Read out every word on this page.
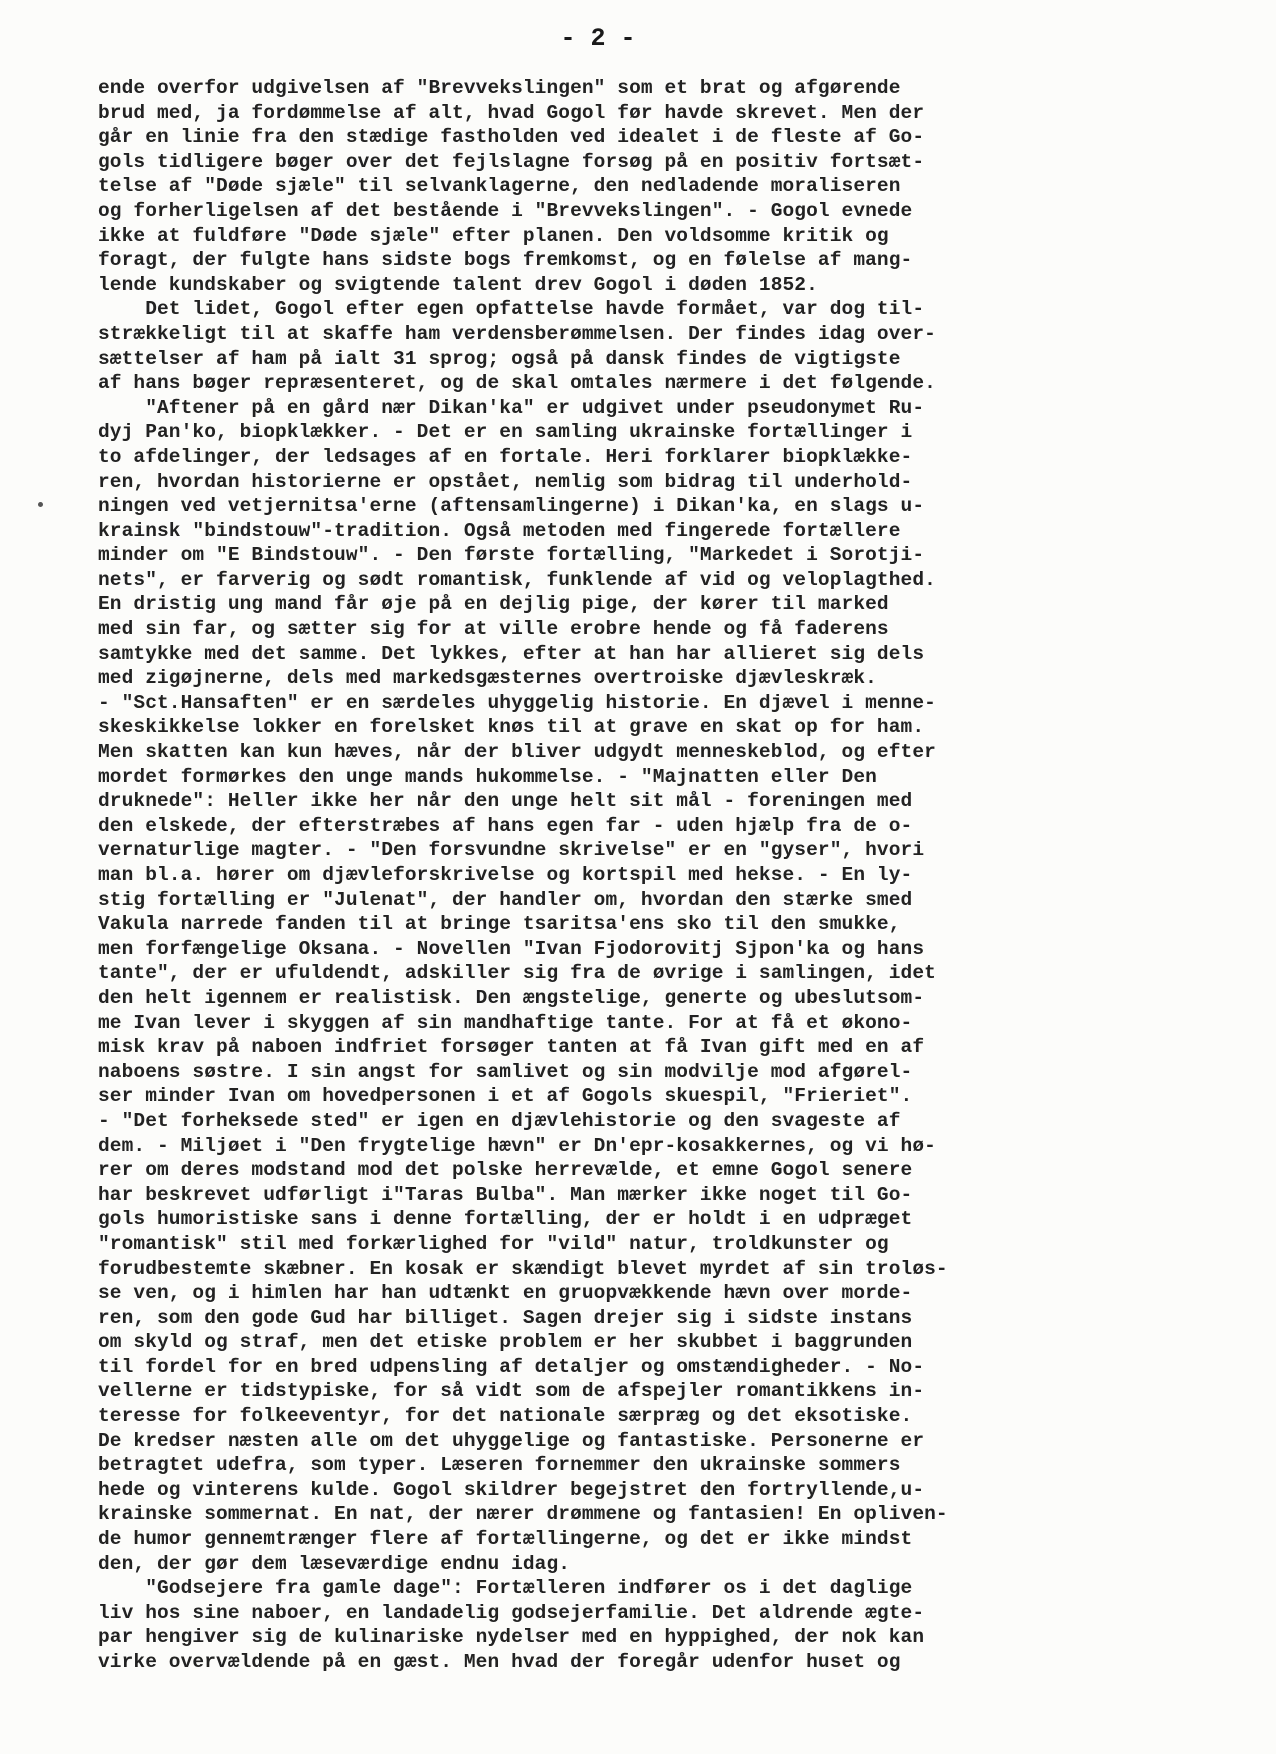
- 2 -
ende overfor udgivelsen af "Brevvekslingen" som et brat og afgørende
brud med, ja fordømmelse af alt, hvad Gogol før havde skrevet. Men der
går en linie fra den stædige fastholden ved idealet i de fleste af Go-
gols tidligere bøger over det fejlslagne forsøg på en positiv fortsæt-
telse af "Døde sjæle" til selvanklagerne, den nedladende moraliseren
og forherligelsen af det bestående i "Brevvekslingen". - Gogol evnede
ikke at fuldføre "Døde sjæle" efter planen. Den voldsomme kritik og
foragt, der fulgte hans sidste bogs fremkomst, og en følelse af mang-
lende kundskaber og svigtende talent drev Gogol i døden 1852.
Det lidet, Gogol efter egen opfattelse havde formået, var dog til-
strækkeligt til at skaffe ham verdensberømmelsen. Der findes idag over-
sættelser af ham på ialt 31 sprog; også på dansk findes de vigtigste
af hans bøger repræsenteret, og de skal omtales nærmere i det følgende.
"Aftener på en gård nær Dikan'ka" er udgivet under pseudonymet Ru-
dyj Pan'ko, biopklækker. - Det er en samling ukrainske fortællinger i
to afdelinger, der ledsages af en fortale. Heri forklarer biopklække-
ren, hvordan historierne er opstået, nemlig som bidrag til underhold-
ningen ved vetjernitsa'erne (aftensamlingerne) i Dikan'ka, en slags u-
krainsk "bindstouw"-tradition. Også metoden med fingerede fortællere
minder om "E Bindstouw". - Den første fortælling, "Markedet i Sorotji-
nets", er farverig og sødt romantisk, funklende af vid og veloplagthed.
En dristig ung mand får øje på en dejlig pige, der kører til marked
med sin far, og sætter sig for at ville erobre hende og få faderens
samtykke med det samme. Det lykkes, efter at han har allieret sig dels
med zigøjnerne, dels med markedsgæsternes overtroiske djævleskræk.
- "Sct.Hansaften" er en særdeles uhyggelig historie. En djævel i menne-
skeskikkelse lokker en forelsket knøs til at grave en skat op for ham.
Men skatten kan kun hæves, når der bliver udgydt menneskeblod, og efter
mordet formørkes den unge mands hukommelse. - "Majnatten eller Den
druknede": Heller ikke her når den unge helt sit mål - foreningen med
den elskede, der efterstræbes af hans egen far - uden hjælp fra de o-
vernaturlige magter. - "Den forsvundne skrivelse" er en "gyser", hvori
man bl.a. hører om djævleforskrivelse og kortspil med hekse. - En ly-
stig fortælling er "Julenat", der handler om, hvordan den stærke smed
Vakula narrede fanden til at bringe tsaritsa'ens sko til den smukke,
men forfængelige Oksana. - Novellen "Ivan Fjodorovitj Sjpon'ka og hans
tante", der er ufuldendt, adskiller sig fra de øvrige i samlingen, idet
den helt igennem er realistisk. Den ængstelige, generte og ubeslutsom-
me Ivan lever i skyggen af sin mandhaftige tante. For at få et økono-
misk krav på naboen indfriet forsøger tanten at få Ivan gift med en af
naboens søstre. I sin angst for samlivet og sin modvilje mod afgørel-
ser minder Ivan om hovedpersonen i et af Gogols skuespil, "Frieriet".
- "Det forheksede sted" er igen en djævlehistorie og den svageste af
dem. - Miljøet i "Den frygtelige hævn" er Dn'epr-kosakkernes, og vi hø-
rer om deres modstand mod det polske herrevælde, et emne Gogol senere
har beskrevet udførligt i"Taras Bulba". Man mærker ikke noget til Go-
gols humoristiske sans i denne fortælling, der er holdt i en udpræget
"romantisk" stil med forkærlighed for "vild" natur, troldkunster og
forudbestemte skæbner. En kosak er skændigt blevet myrdet af sin troløs-
se ven, og i himlen har han udtænkt en gruopvækkende hævn over morde-
ren, som den gode Gud har billiget. Sagen drejer sig i sidste instans
om skyld og straf, men det etiske problem er her skubbet i baggrunden
til fordel for en bred udpensling af detaljer og omstændigheder. - No-
vellerne er tidstypiske, for så vidt som de afspejler romantikkens in-
teresse for folkeeventyr, for det nationale særpræg og det eksotiske.
De kredser næsten alle om det uhyggelige og fantastiske. Personerne er
betragtet udefra, som typer. Læseren fornemmer den ukrainske sommers
hede og vinterens kulde. Gogol skildrer begejstret den fortryllende,u-
krainske sommernat. En nat, der nærer drømmene og fantasien! En opliven-
de humor gennemtrænger flere af fortællingerne, og det er ikke mindst
den, der gør dem læseværdige endnu idag.
"Godsejere fra gamle dage": Fortælleren indfører os i det daglige
liv hos sine naboer, en landadelig godsejerfamilie. Det aldrende ægte-
par hengiver sig de kulinariske nydelser med en hyppighed, der nok kan
virke overvældende på en gæst. Men hvad der foregår udenfor huset og
